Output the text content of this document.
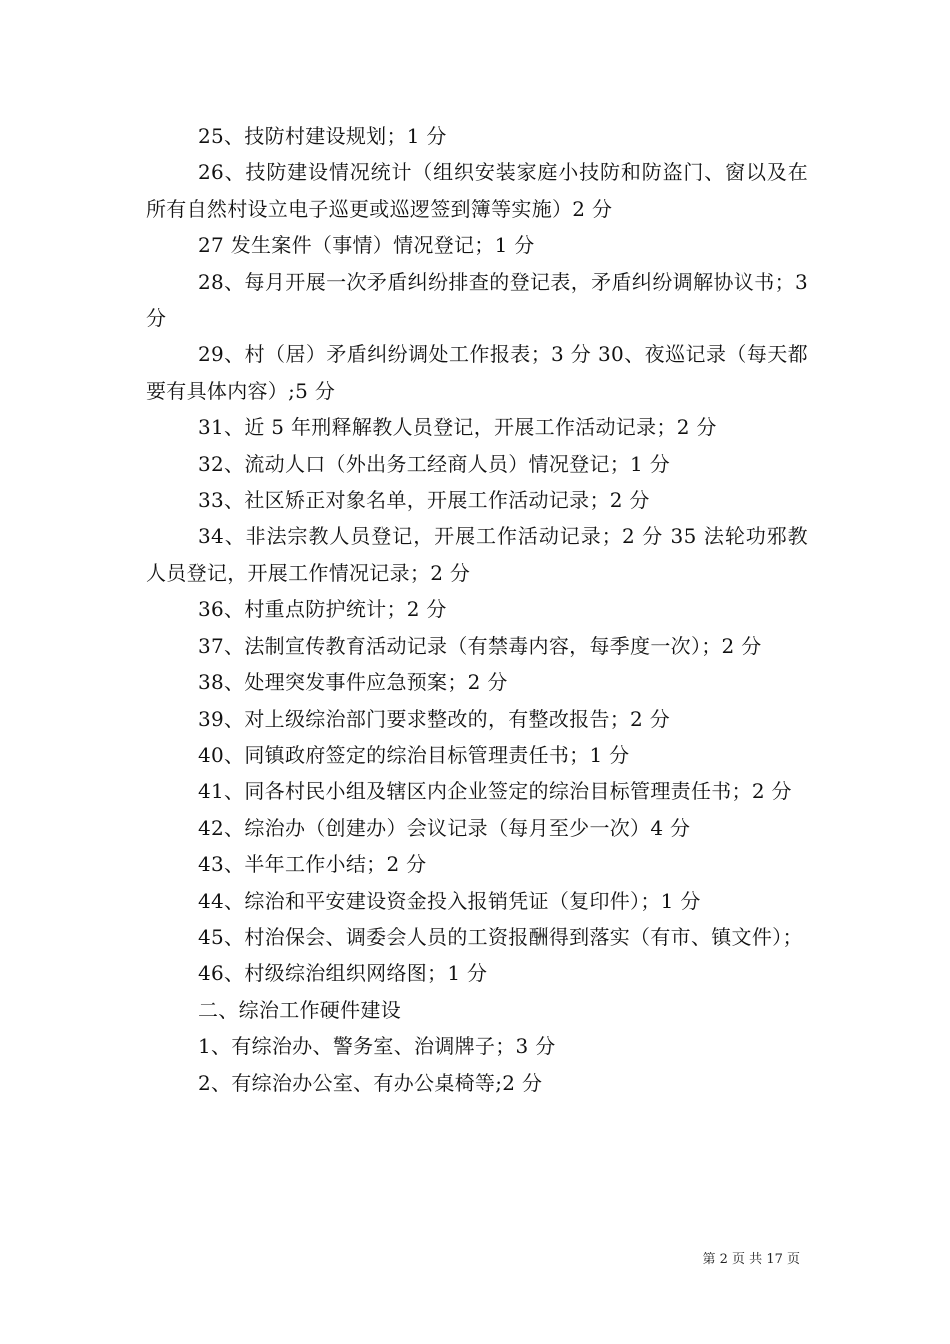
25、技防村建设规划；1 分

26、技防建设情况统计（组织安装家庭小技防和防盗门、窗以及在所有自然村设立电子巡更或巡逻签到簿等实施）2 分

27 发生案件（事情）情况登记；1 分

28、每月开展一次矛盾纠纷排查的登记表，矛盾纠纷调解协议书；3 分

29、村（居）矛盾纠纷调处工作报表；3 分 30、夜巡记录（每天都要有具体内容）;5 分

31、近 5 年刑释解教人员登记，开展工作活动记录；2 分

32、流动人口（外出务工经商人员）情况登记；1 分

33、社区矫正对象名单，开展工作活动记录；2 分

34、非法宗教人员登记，开展工作活动记录；2 分 35 法轮功邪教人员登记，开展工作情况记录；2 分

36、村重点防护统计；2 分

37、法制宣传教育活动记录（有禁毒内容，每季度一次）；2 分

38、处理突发事件应急预案；2 分

39、对上级综治部门要求整改的，有整改报告；2 分

40、同镇政府签定的综治目标管理责任书；1 分

41、同各村民小组及辖区内企业签定的综治目标管理责任书；2 分

42、综治办（创建办）会议记录（每月至少一次）4 分

43、半年工作小结；2 分

44、综治和平安建设资金投入报销凭证（复印件）；1 分

45、村治保会、调委会人员的工资报酬得到落实（有市、镇文件）；

46、村级综治组织网络图；1 分

二、综治工作硬件建设

1、有综治办、警务室、治调牌子；3 分

2、有综治办公室、有办公桌椅等;2 分

第 2 页 共 17 页
